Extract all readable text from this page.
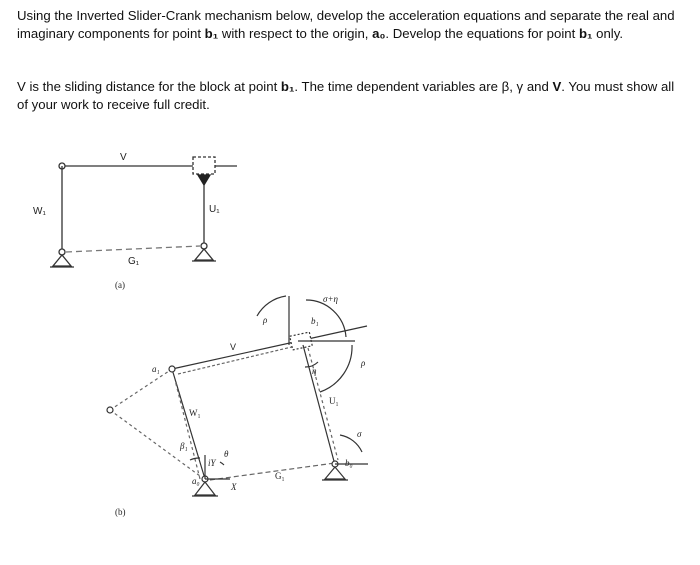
Using the Inverted Slider-Crank mechanism below, develop the acceleration equations and separate the real and imaginary components for point b₁ with respect to the origin, a₀. Develop the equations for point b₁ only.

V is the sliding distance for the block at point b₁. The time dependent variables are β, γ and V. You must show all of your work to receive full credit.

V
W₁	U₁
G₁
(a)
ρ
σ+η
b₁
V
η
ρ
a₁
U₁
W₁
σ
β₁
iY
θ
b₀
a₀
X
G₁
(b)
